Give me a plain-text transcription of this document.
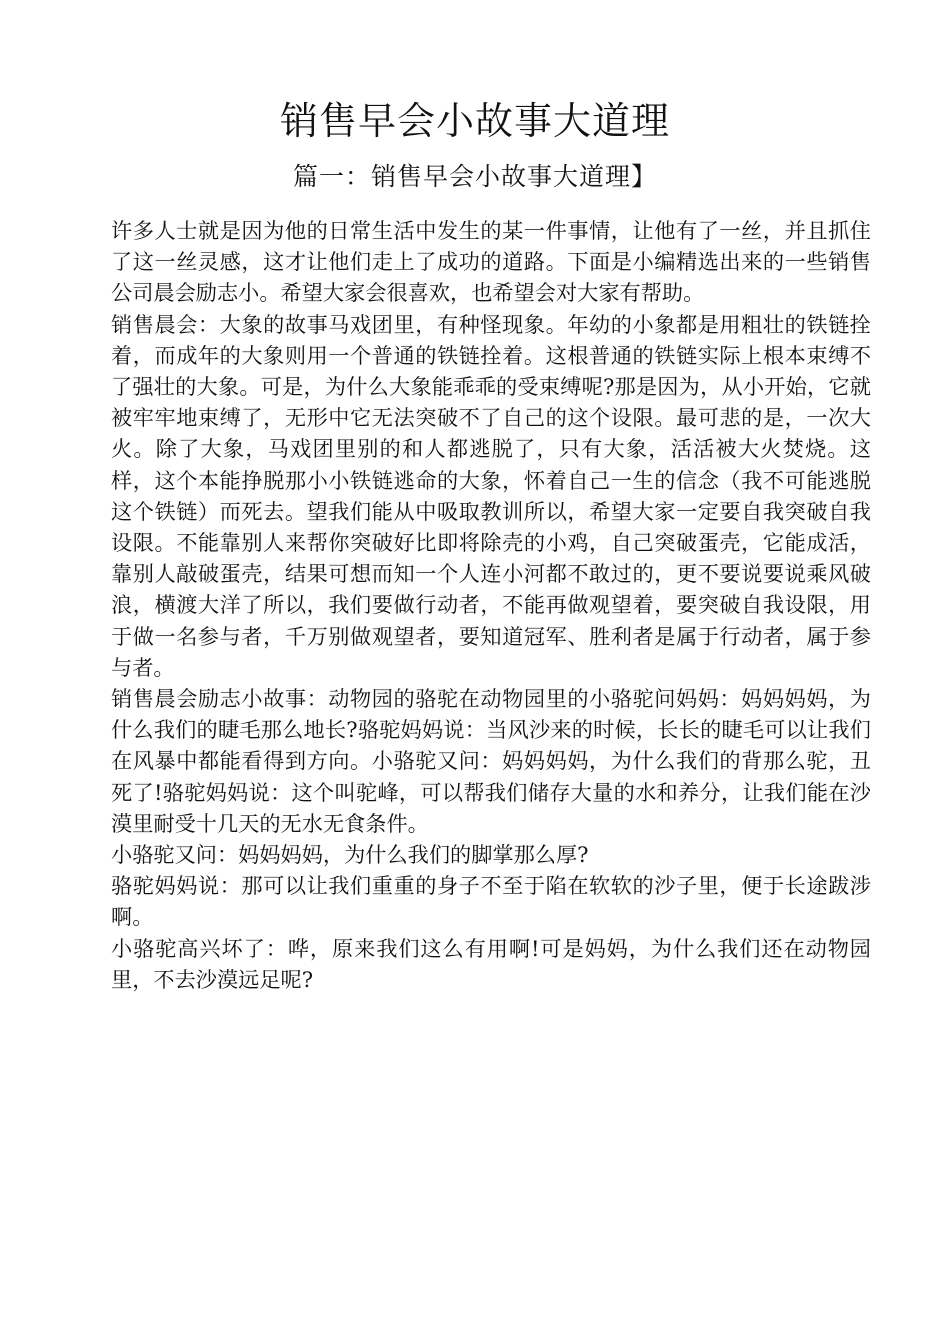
销售早会小故事大道理
篇一：销售早会小故事大道理】

许多人士就是因为他的日常生活中发生的某一件事情，让他有了一丝，并且抓住了这一丝灵感，这才让他们走上了成功的道路。下面是小编精选出来的一些销售公司晨会励志小。希望大家会很喜欢，也希望会对大家有帮助。

销售晨会：大象的故事马戏团里，有种怪现象。年幼的小象都是用粗壮的铁链拴着，而成年的大象则用一个普通的铁链拴着。这根普通的铁链实际上根本束缚不了强壮的大象。可是，为什么大象能乖乖的受束缚呢?那是因为，从小开始，它就被牢牢地束缚了，无形中它无法突破不了自己的这个设限。最可悲的是，一次大火。除了大象，马戏团里别的和人都逃脱了，只有大象，活活被大火焚烧。这样，这个本能挣脱那小小铁链逃命的大象，怀着自己一生的信念（我不可能逃脱这个铁链）而死去。望我们能从中吸取教训所以，希望大家一定要自我突破自我设限。不能靠别人来帮你突破好比即将除壳的小鸡，自己突破蛋壳，它能成活，靠别人敲破蛋壳，结果可想而知一个人连小河都不敢过的，更不要说要说乘风破浪，横渡大洋了所以，我们要做行动者，不能再做观望着，要突破自我设限，用于做一名参与者，千万别做观望者，要知道冠军、胜利者是属于行动者，属于参与者。

销售晨会励志小故事：动物园的骆驼在动物园里的小骆驼问妈妈：妈妈妈妈，为什么我们的睫毛那么地长?骆驼妈妈说：当风沙来的时候，长长的睫毛可以让我们在风暴中都能看得到方向。小骆驼又问：妈妈妈妈，为什么我们的背那么驼，丑死了!骆驼妈妈说：这个叫驼峰，可以帮我们储存大量的水和养分，让我们能在沙漠里耐受十几天的无水无食条件。

小骆驼又问：妈妈妈妈，为什么我们的脚掌那么厚?

骆驼妈妈说：那可以让我们重重的身子不至于陷在软软的沙子里，便于长途跋涉啊。

小骆驼高兴坏了：哗，原来我们这么有用啊!可是妈妈，为什么我们还在动物园里，不去沙漠远足呢?
